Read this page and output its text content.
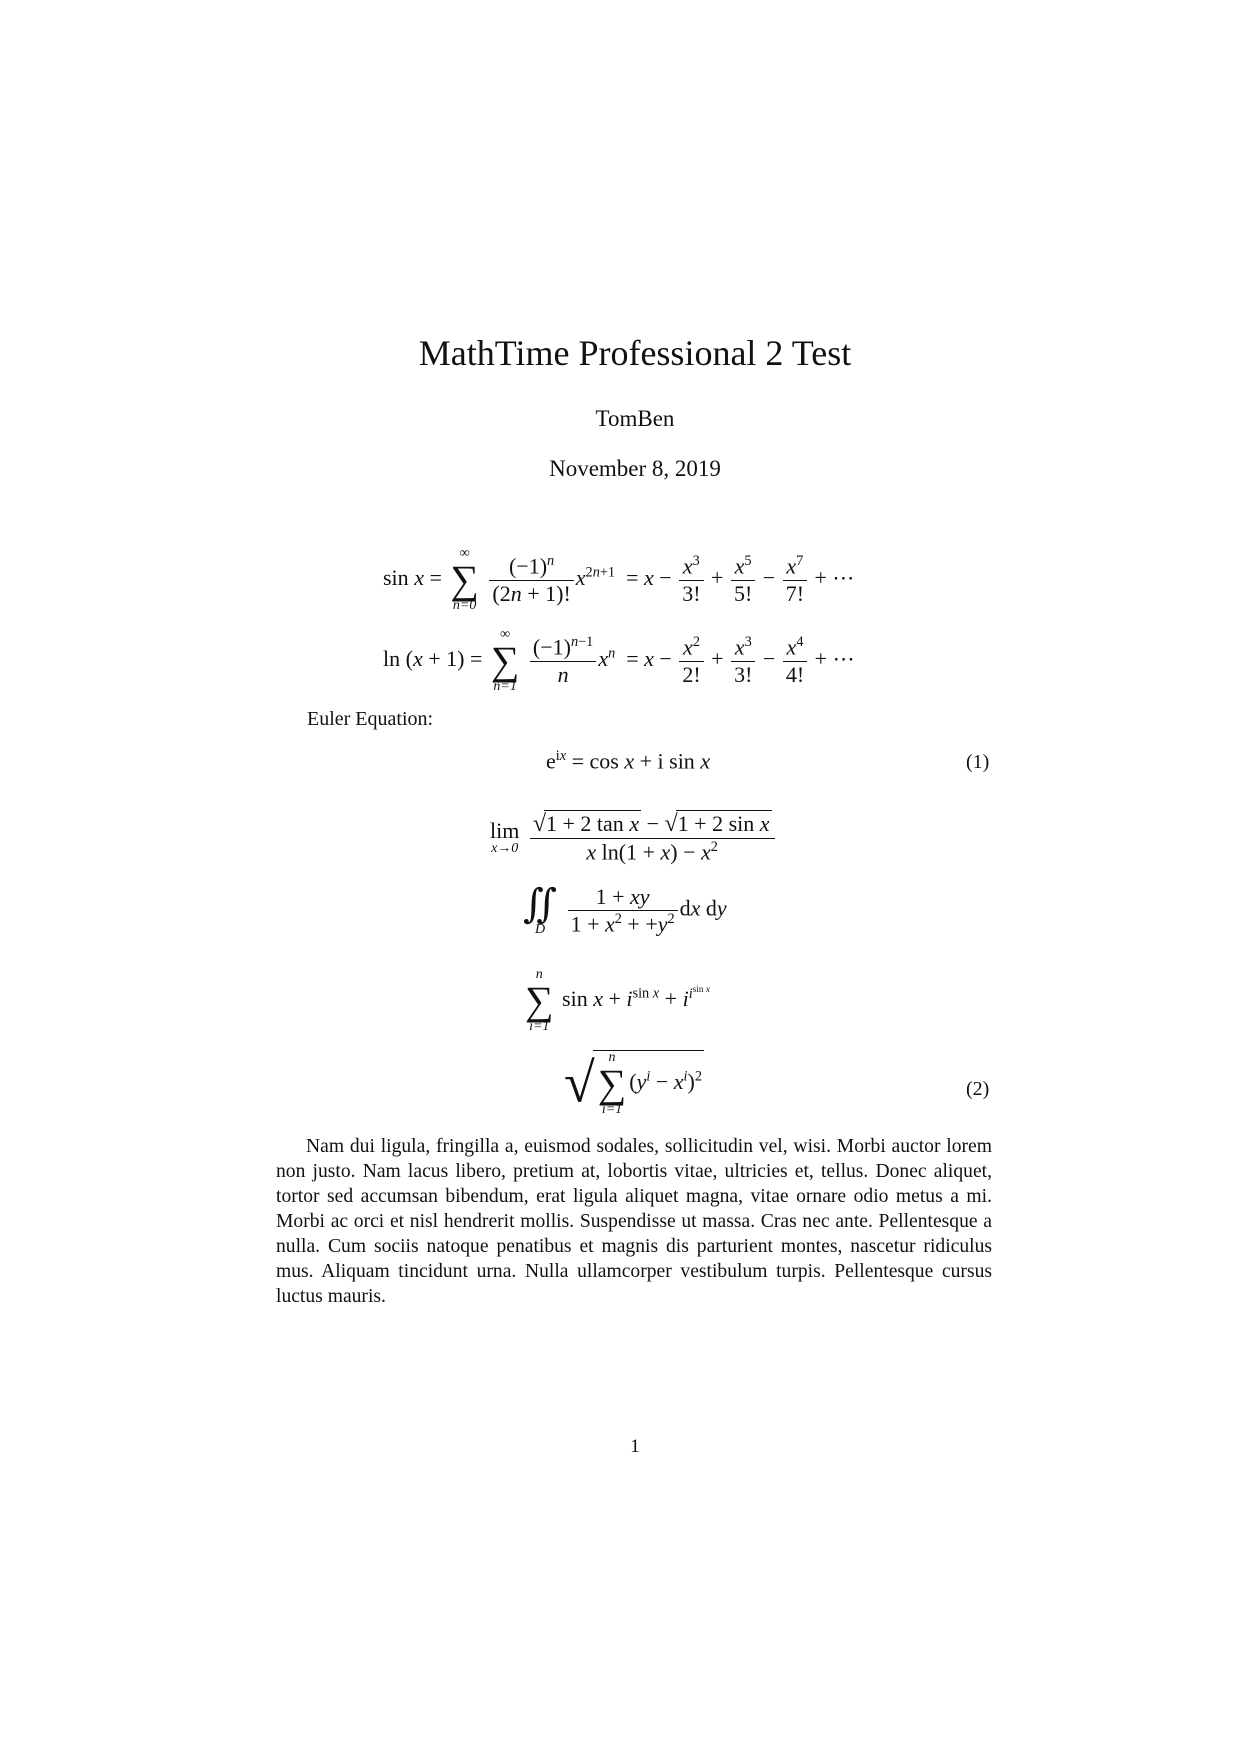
MathTime Professional 2 Test
TomBen
November 8, 2019
sin x =
∞
∑
n=0
$\frac{(-1)^n}{(2n + 1)!} x^{2n+1} = x - \frac{x^3}{3!} + \frac{x^5}{5!} - \frac{x^7}{7!}$ + ⋯
ln (x + 1) =
∞
∑
n=1
$\frac{(-1)^{n-1}}{n} x^n = x - \frac{x^2}{2!} + \frac{x^3}{3!} - \frac{x^4}{4!}$ + ⋯
Euler Equation:
$e^{ix} = \cos x + i$ sin x	(1)
lim
x→0
$\frac{\text{√1 + 2 tan x − √1 + 2 sin x}}{x \ln(1 + x) - x^2}$
∬
D
	$\frac{1 + xy}{1 + x^2 + +y^2}$ dx dy
n
∑
i=1
$\sin x + i^{sin x} + i^{i^{sin x}}$
√ n
∑
i=1
$(y^i - x^i)^2$
(2)
Nam dui ligula, fringilla a, euismod sodales, sollicitudin vel, wisi. Morbi auctor lorem non justo. Nam lacus libero, pretium at, lobortis vitae, ultricies et, tellus. Donec aliquet, tortor sed accumsan bibendum, erat ligula aliquet magna, vitae ornare odio metus a mi. Morbi ac orci et nisl hendrerit mollis. Suspendisse ut massa. Cras nec ante. Pellentesque a nulla. Cum sociis natoque penatibus et magnis dis parturient montes, nascetur ridiculus mus. Aliquam tincidunt urna. Nulla ullamcorper vestibulum turpis. Pellentesque cursus luctus mauris.
1
